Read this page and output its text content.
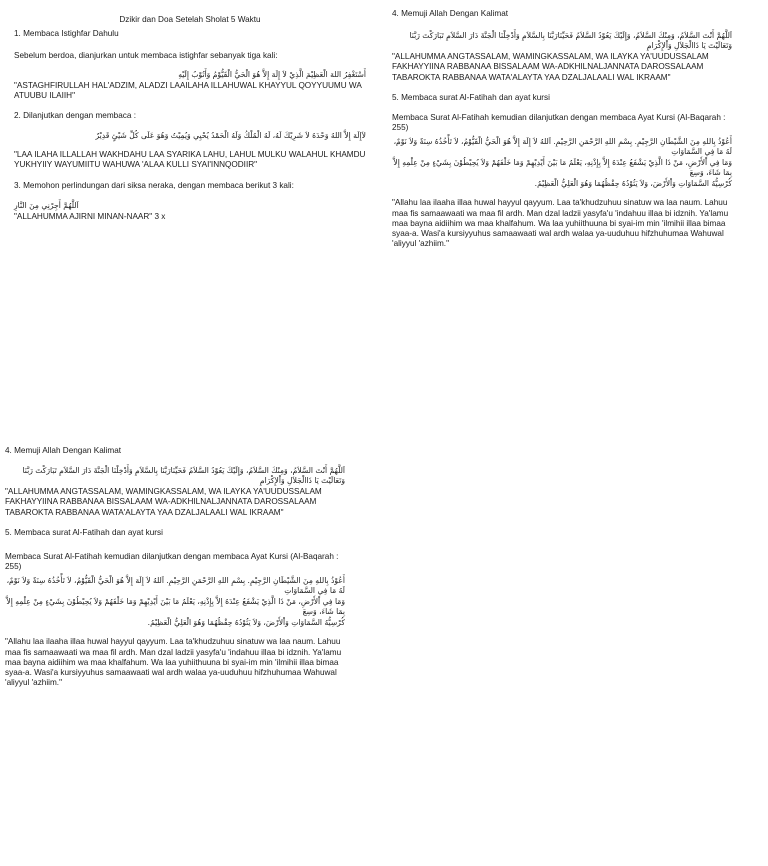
Dzikir dan Doa Setelah Sholat 5 Waktu
1. Membaca Istighfar Dahulu
Sebelum berdoa, dianjurkan untuk membaca istighfar sebanyak tiga kali:
أَسْتَغْفِرُ اللهَ الْعَظِيْمَ الَّذِيْ لاَ إِلَهَ إِلاَّ هُوَ الْحَيُّ الْقَيُّوْمُ وَأَتُوْبُ إِلَيْهِ
"ASTAGHFIRULLAH HAL'ADZIM, ALADZI LAAILAHA ILLAHUWAL KHAYYUL QOYYUUMU WA ATUUBU ILAIIH"
2. Dilanjutkan dengan membaca :
لاَإِلَهَ إِلاَّ اللهُ وَحْدَهُ لاَ شَرِيْكَ لَهُ، لَهُ الْمُلْكُ وَلَهُ الْحَمْدُ يُحْيِي وَيُمِيْتُ وَهُوَ عَلَى كُلِّ شَيْئٍ قَدِيْرٌ
"LAA ILAHA ILLALLAH WAKHDAHU LAA SYARIKA LAHU, LAHUL MULKU WALAHUL KHAMDU YUKHYIIY WAYUMIITU WAHUWA 'ALAA KULLI SYAI'INNQODIIR"
3. Memohon perlindungan dari siksa neraka, dengan membaca berikut 3 kali:
اَللَّهُمَّ أَجِرْنِي مِنَ النَّارِ
"ALLAHUMMA AJIRNI MINAN-NAAR" 3 x
4. Memuji Allah Dengan Kalimat
اَللَّهُمَّ أَنْتَ السَّلاَمُ، وَمِنْكَ السَّلاَمُ، وَإِلَيْكَ يَعُوْدُ السَّلاَمُ فَحَيِّنَارَبَّنَا بِالسَّلاَمِ وَأَدْخِلْنَا الْجَنَّةَ دَارَ السَّلاَمِ تَبَارَكْتَ رَبَّنَا وَتَعَالَيْتَ يَا ذَاالْجَلاَلِ وَاْلإِكْرَامِ
"ALLAHUMMA ANGTASSALAM, WAMINGKASSALAM, WA ILAYKA YA'UUDUSSALAM FAKHAYYIINA RABBANAA BISSALAAM WA-ADKHILNALJANNATA DAROSSALAAM TABAROKTA RABBANAA WATA'ALAYTA YAA DZALJALAALI WAL IKRAAM"
5. Membaca surat Al-Fatihah dan ayat kursi
Membaca Surat Al-Fatihah kemudian dilanjutkan dengan membaca Ayat Kursi (Al-Baqarah : 255)
أَعُوْذُ بِاللهِ مِنَ الشَّيْطَانِ الرَّجِيْمِ. بِسْمِ اللهِ الرَّحْمَنِ الرَّحِيْمِ. اَللهُ لاَ إِلَهَ إِلاَّ هُوَ الْحَيُّ الْقَيُّوْمُ، لاَ تَأْخُذُهُ سِنَةٌ وَلاَ نَوْمٌ، لَهُ مَا فِي السَّمَاوَاتِ
وَمَا فِي اْلأَرْضِ، مَنْ ذَا الَّذِيْ يَشْفَعُ عِنْدَهُ إِلاَّ بِإِذْنِهِ، يَعْلَمُ مَا بَيْنَ أَيْدِيْهِمْ وَمَا خَلْفَهُمْ وَلاَ يُحِيْطُوْنَ بِشَيْءٍ مِنْ عِلْمِهِ إِلاَّ بِمَا شَاءَ، وَسِعَ
كُرْسِيُّهُ السَّمَاوَاتِ وَاْلأَرْضَ، وَلاَ يَئُوْدُهُ حِفْظُهُمَا وَهُوَ الْعَلِيُّ الْعَظِيْمُ.
"Allahu laa ilaaha illaa huwal hayyul qayyum. Laa ta'khudzuhuu sinatuw wa laa naum. Lahuu maa fis samaawaati wa maa fil ardh. Man dzal ladzii yasyfa'u 'indahuu illaa bi idznih. Ya'lamu maa bayna aidiihim wa maa khalfahum. Wa laa yuhiithuuna bi syai-im min 'ilmihii illaa bimaa syaa-a. Wasi'a kursiyyuhus samaawaati wal ardh walaa ya-uuduhuu hifzhuhumaa Wahuwal 'aliyyul 'azhiim."
4. Memuji Allah Dengan Kalimat
اَللَّهُمَّ أَنْتَ السَّلاَمُ، وَمِنْكَ السَّلاَمُ، وَإِلَيْكَ يَعُوْدُ السَّلاَمُ فَحَيِّنَارَبَّنَا بِالسَّلاَمِ وَأَدْخِلْنَا الْجَنَّةَ دَارَ السَّلاَمِ تَبَارَكْتَ رَبَّنَا وَتَعَالَيْتَ يَا ذَاالْجَلاَلِ وَاْلإِكْرَامِ
"ALLAHUMMA ANGTASSALAM, WAMINGKASSALAM, WA ILAYKA YA'UUDUSSALAM FAKHAYYIINA RABBANAA BISSALAAM WA-ADKHILNALJANNATA DAROSSALAAM TABAROKTA RABBANAA WATA'ALAYTA YAA DZALJALAALI WAL IKRAAM"
5. Membaca surat Al-Fatihah dan ayat kursi
Membaca Surat Al-Fatihah kemudian dilanjutkan dengan membaca Ayat Kursi (Al-Baqarah : 255)
أَعُوْذُ بِاللهِ مِنَ الشَّيْطَانِ الرَّجِيْمِ. بِسْمِ اللهِ الرَّحْمَنِ الرَّحِيْمِ. اَللهُ لاَ إِلَهَ إِلاَّ هُوَ الْحَيُّ الْقَيُّوْمُ، لاَ تَأْخُذُهُ سِنَةٌ وَلاَ نَوْمٌ، لَهُ مَا فِي السَّمَاوَاتِ
وَمَا فِي اْلأَرْضِ، مَنْ ذَا الَّذِيْ يَشْفَعُ عِنْدَهُ إِلاَّ بِإِذْنِهِ، يَعْلَمُ مَا بَيْنَ أَيْدِيْهِمْ وَمَا خَلْفَهُمْ وَلاَ يُحِيْطُوْنَ بِشَيْءٍ مِنْ عِلْمِهِ إِلاَّ بِمَا شَاءَ، وَسِعَ
كُرْسِيُّهُ السَّمَاوَاتِ وَاْلأَرْضَ، وَلاَ يَئُوْدُهُ حِفْظُهُمَا وَهُوَ الْعَلِيُّ الْعَظِيْمُ.
"Allahu laa ilaaha illaa huwal hayyul qayyum. Laa ta'khudzuhuu sinatuw wa laa naum. Lahuu maa fis samaawaati wa maa fil ardh. Man dzal ladzii yasyfa'u 'indahuu illaa bi idznih. Ya'lamu maa bayna aidiihim wa maa khalfahum. Wa laa yuhiithuuna bi syai-im min 'ilmihii illaa bimaa syaa-a. Wasi'a kursiyyuhus samaawaati wal ardh walaa ya-uuduhuu hifzhuhumaa Wahuwal 'aliyyul 'azhiim."
